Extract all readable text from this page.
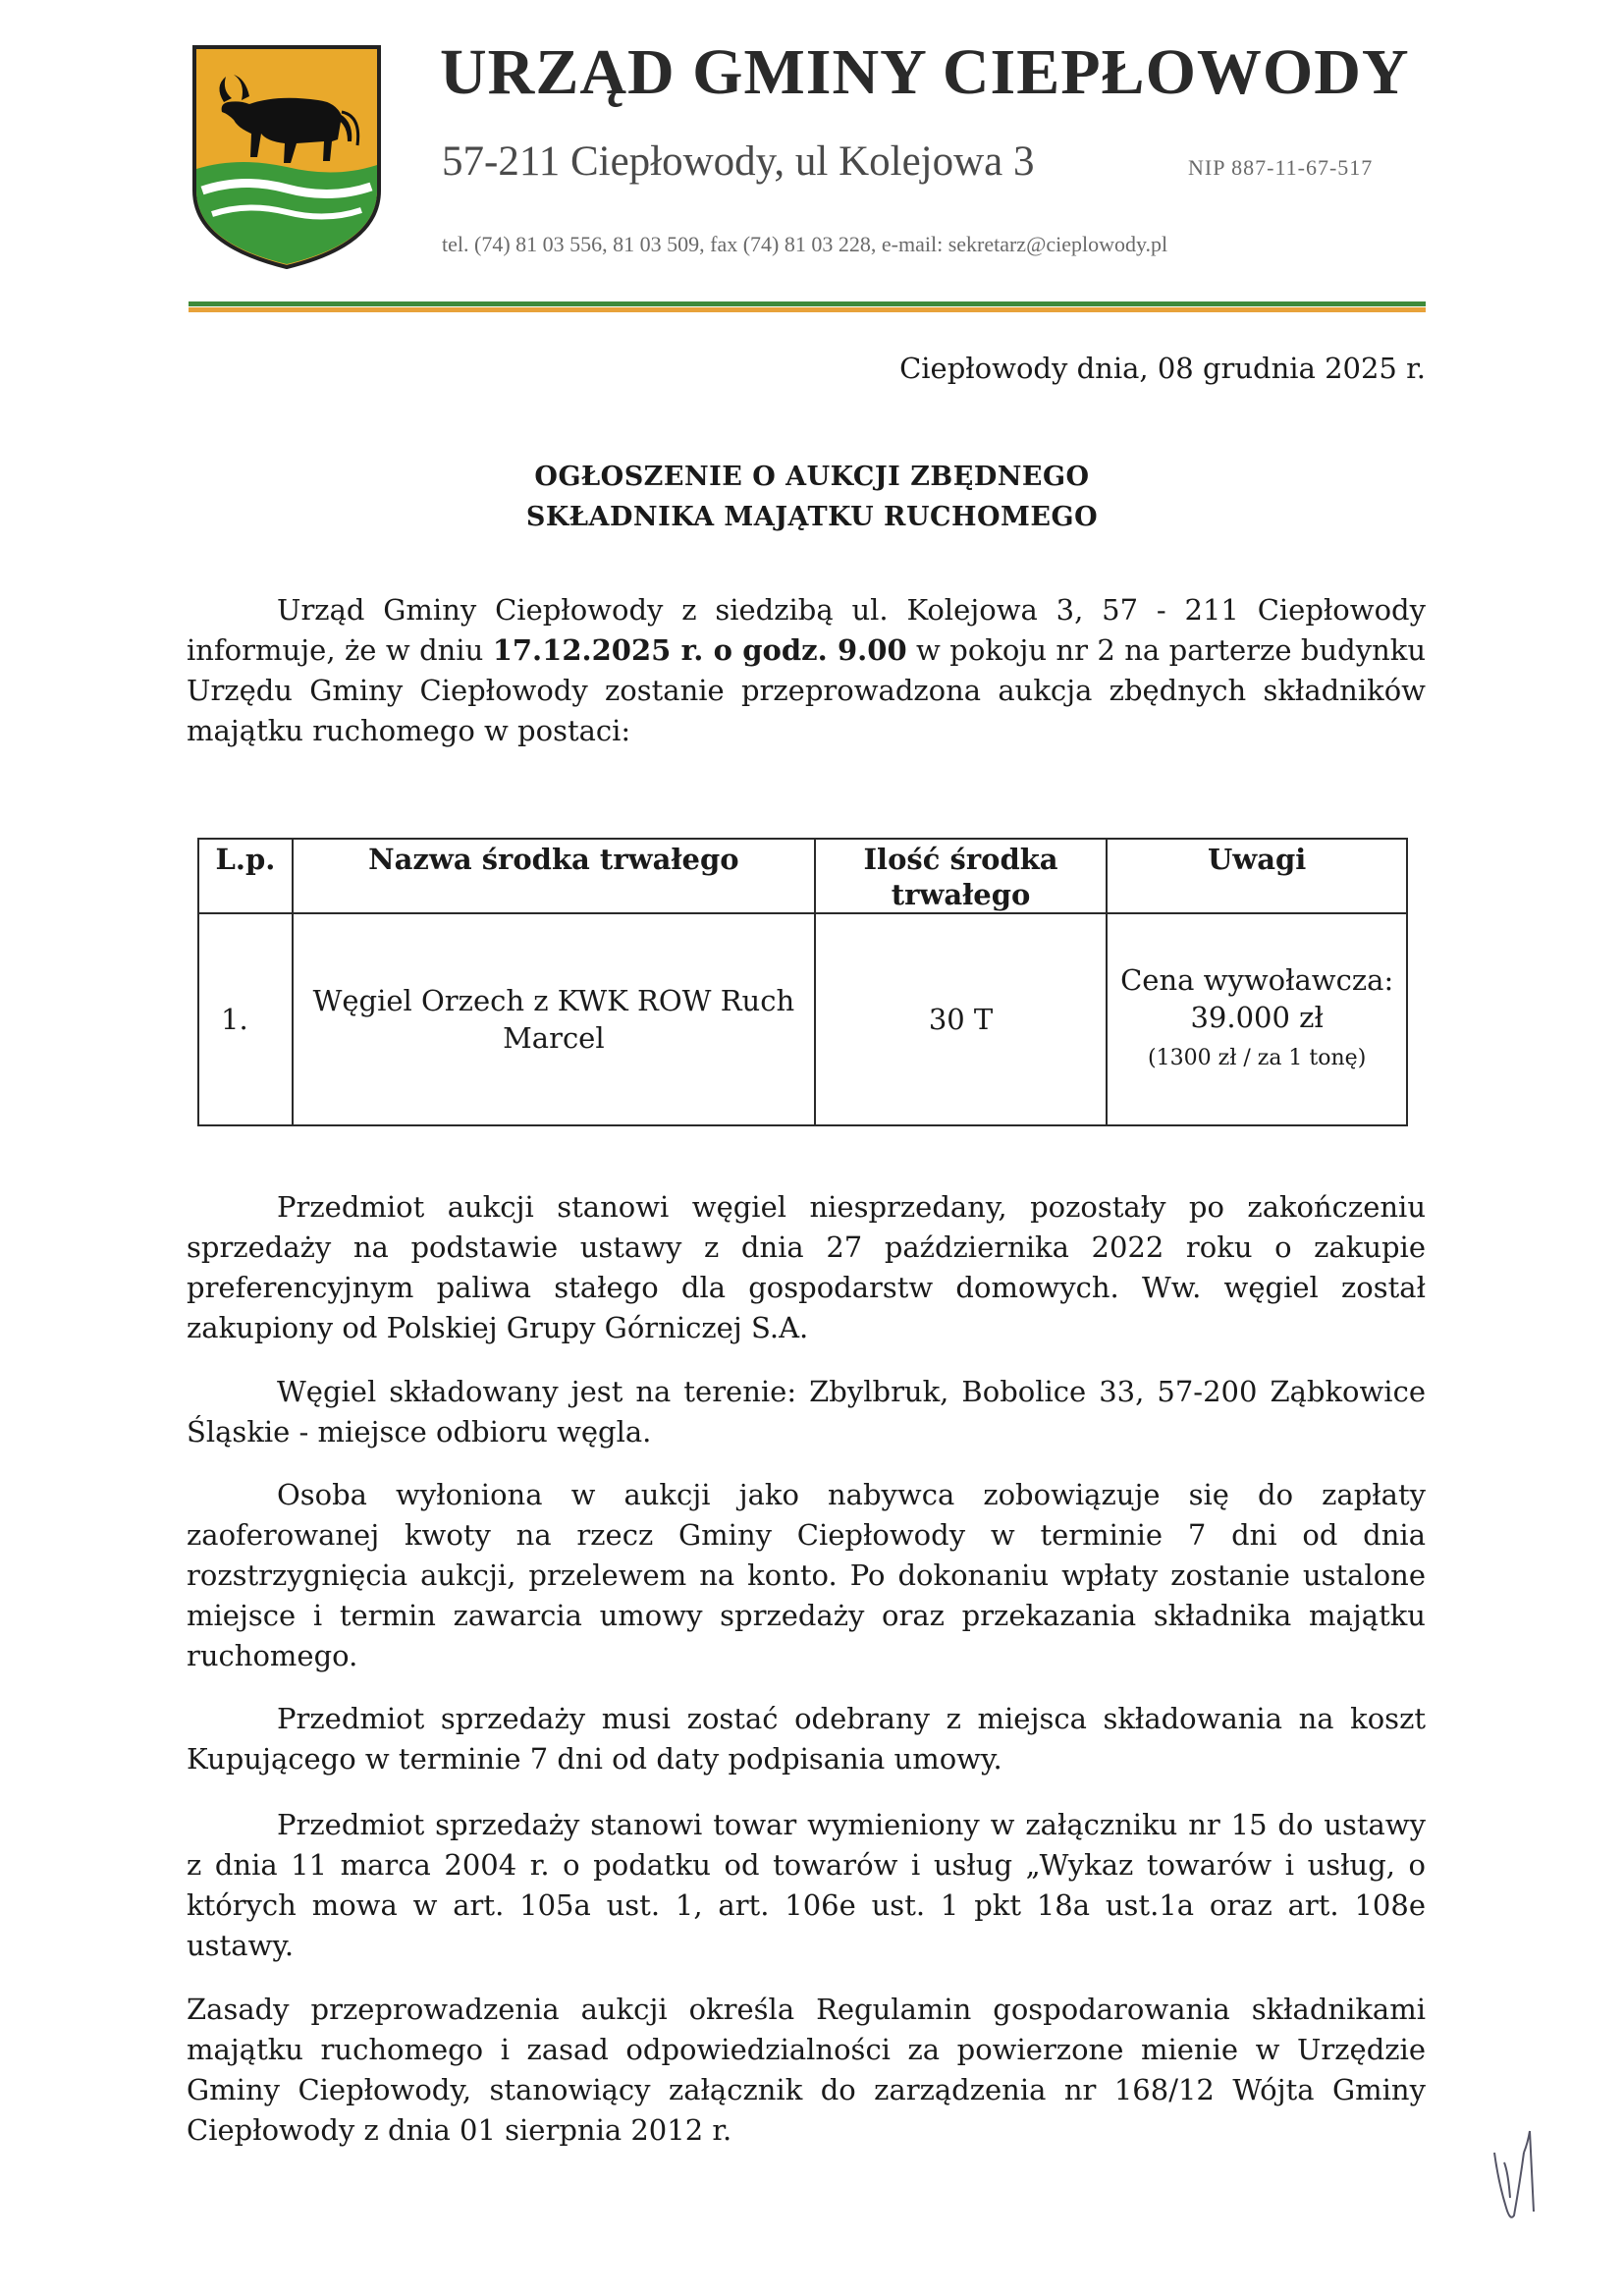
URZĄD GMINY CIEPŁOWODY
57-211 Ciepłowody, ul Kolejowa 3	NIP 887-11-67-517
tel. (74) 81 03 556, 81 03 509, fax (74) 81 03 228, e-mail: sekretarz@cieplowody.pl
Ciepłowody dnia, 08 grudnia 2025 r.
OGŁOSZENIE O AUKCJI ZBĘDNEGO
SKŁADNIKA MAJĄTKU RUCHOMEGO
Urząd Gminy Ciepłowody z siedzibą ul. Kolejowa 3, 57 - 211 Ciepłowody informuje, że w dniu 17.12.2025 r. o godz. 9.00 w pokoju nr 2 na parterze budynku Urzędu Gminy Ciepłowody zostanie przeprowadzona aukcja zbędnych składników majątku ruchomego w postaci:
L.p.	Nazwa środka trwałego	Ilość środka trwałego	Uwagi
1.	Węgiel Orzech z KWK ROW Ruch Marcel	30 T	Cena wywoławcza:
39.000 zł
(1300 zł / za 1 tonę)
Przedmiot aukcji stanowi węgiel niesprzedany, pozostały po zakończeniu sprzedaży na podstawie ustawy z dnia 27 października 2022 roku o zakupie preferencyjnym paliwa stałego dla gospodarstw domowych. Ww. węgiel został zakupiony od Polskiej Grupy Górniczej S.A.
Węgiel składowany jest na terenie: Zbylbruk, Bobolice 33, 57-200 Ząbkowice Śląskie - miejsce odbioru węgla.
Osoba wyłoniona w aukcji jako nabywca zobowiązuje się do zapłaty zaoferowanej kwoty na rzecz Gminy Ciepłowody w terminie 7 dni od dnia rozstrzygnięcia aukcji, przelewem na konto. Po dokonaniu wpłaty zostanie ustalone miejsce i termin zawarcia umowy sprzedaży oraz przekazania składnika majątku ruchomego.
Przedmiot sprzedaży musi zostać odebrany z miejsca składowania na koszt Kupującego w terminie 7 dni od daty podpisania umowy.
Przedmiot sprzedaży stanowi towar wymieniony w załączniku nr 15 do ustawy z dnia 11 marca 2004 r. o podatku od towarów i usług „Wykaz towarów i usług, o których mowa w art. 105a ust. 1, art. 106e ust. 1 pkt 18a ust.1a oraz art. 108e ustawy.
Zasady przeprowadzenia aukcji określa Regulamin gospodarowania składnikami majątku ruchomego i zasad odpowiedzialności za powierzone mienie w Urzędzie Gminy Ciepłowody, stanowiący załącznik do zarządzenia nr 168/12 Wójta Gminy Ciepłowody z dnia 01 sierpnia 2012 r.
